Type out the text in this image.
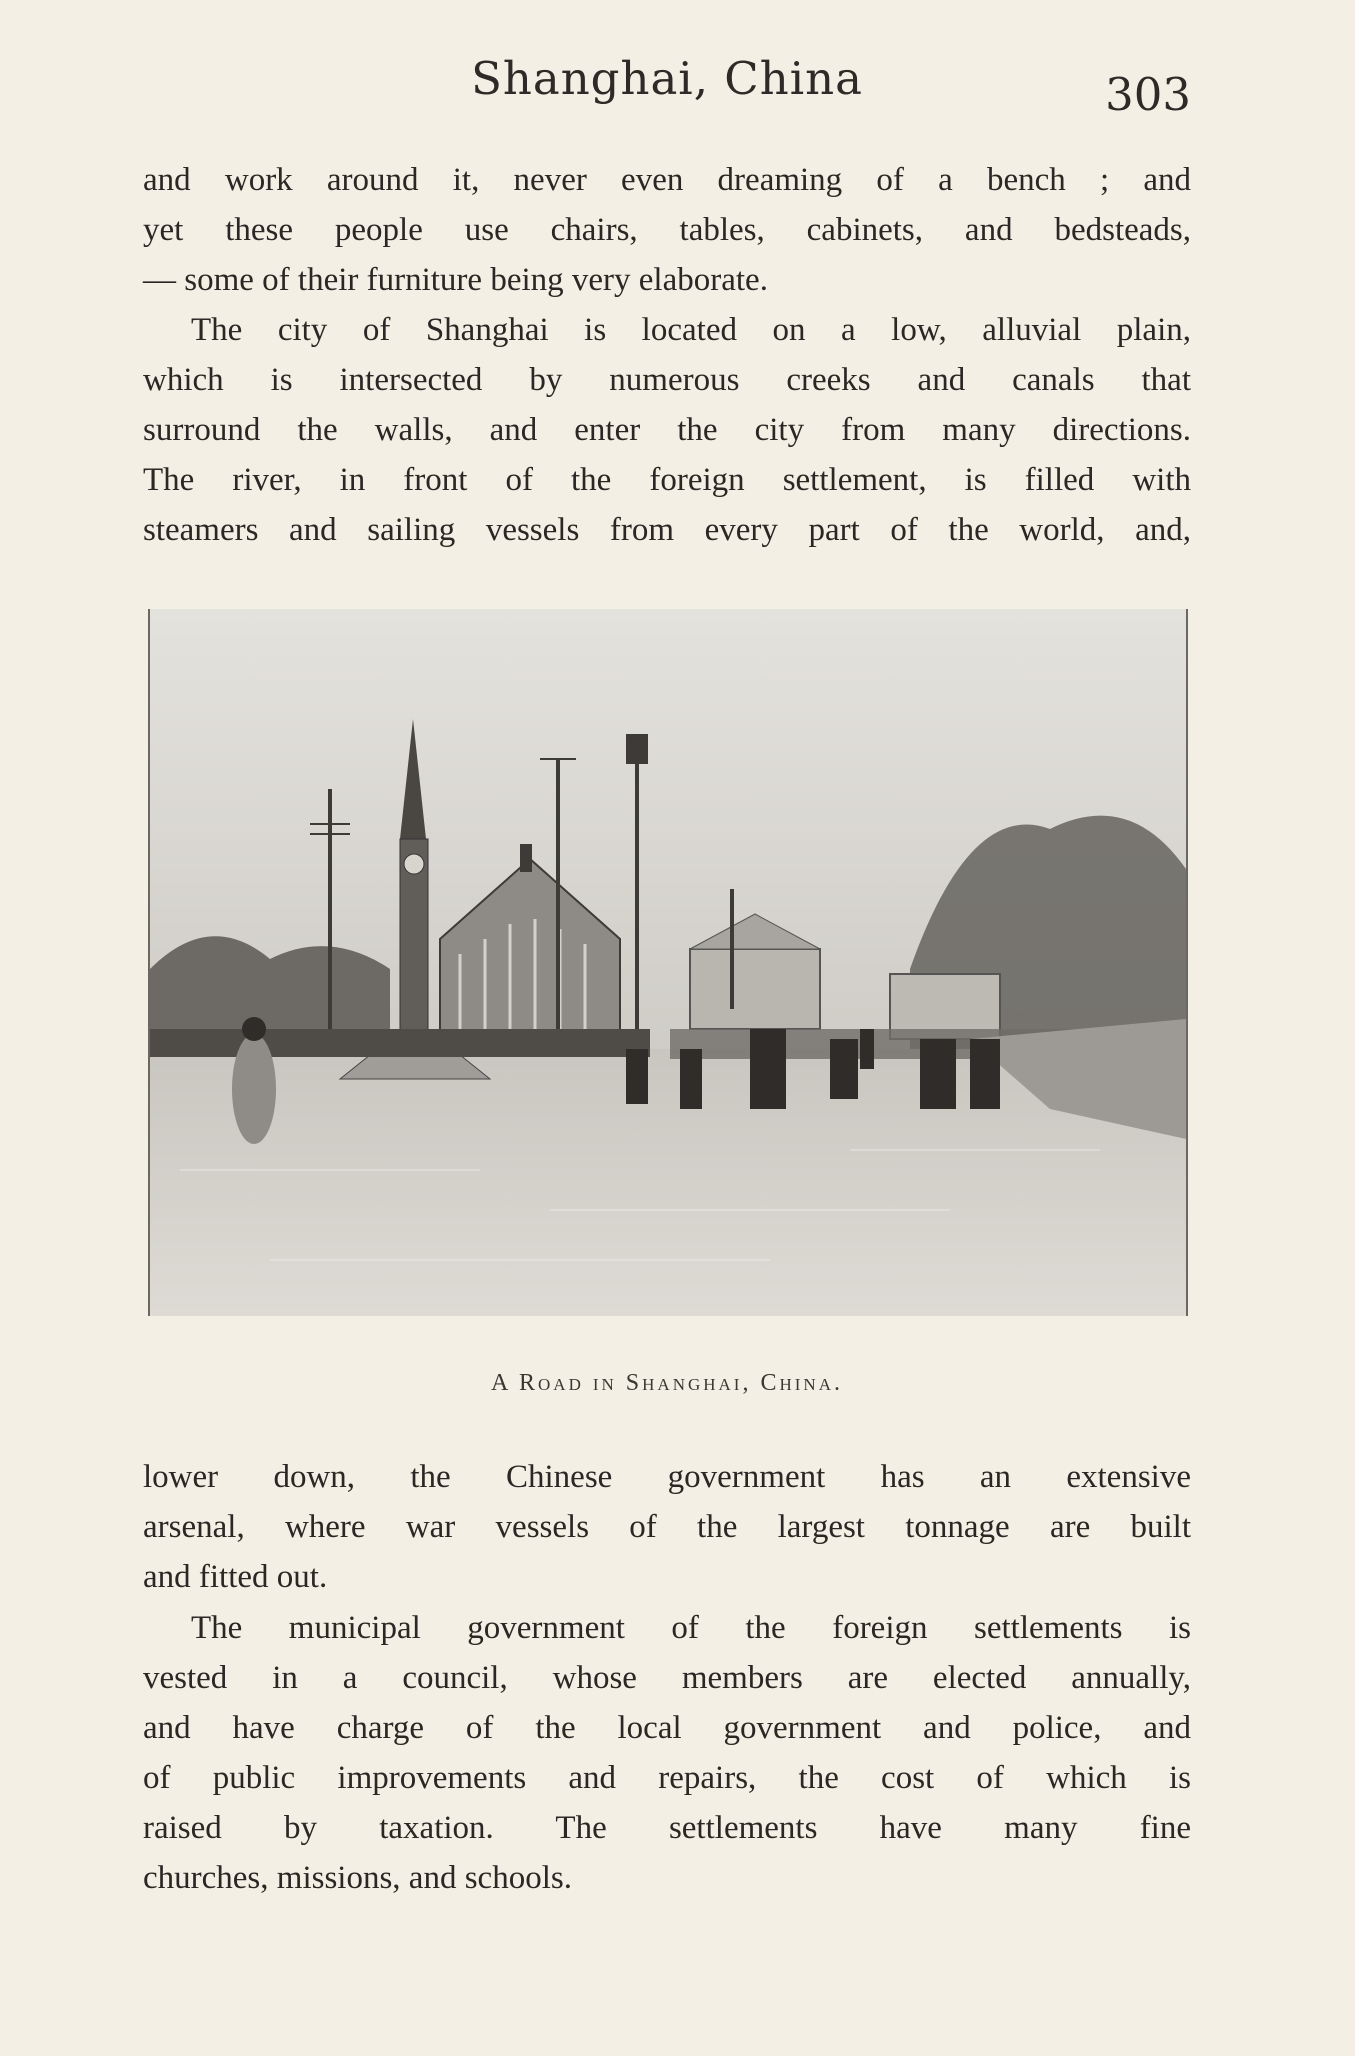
Shanghai, China	303
and work around it, never even dreaming of a bench ; and
yet these people use chairs, tables, cabinets, and bedsteads,
— some of their furniture being very elaborate.
The city of Shanghai is located on a low, alluvial plain,
which is intersected by numerous creeks and canals that
surround the walls, and enter the city from many directions.
The river, in front of the foreign settlement, is filled with
steamers and sailing vessels from every part of the world, and,
A Road in Shanghai, China.
lower down, the Chinese government has an extensive
arsenal, where war vessels of the largest tonnage are built
and fitted out.
The municipal government of the foreign settlements is
vested in a council, whose members are elected annually,
and have charge of the local government and police, and
of public improvements and repairs, the cost of which is
raised by taxation. The settlements have many fine
churches, missions, and schools.
